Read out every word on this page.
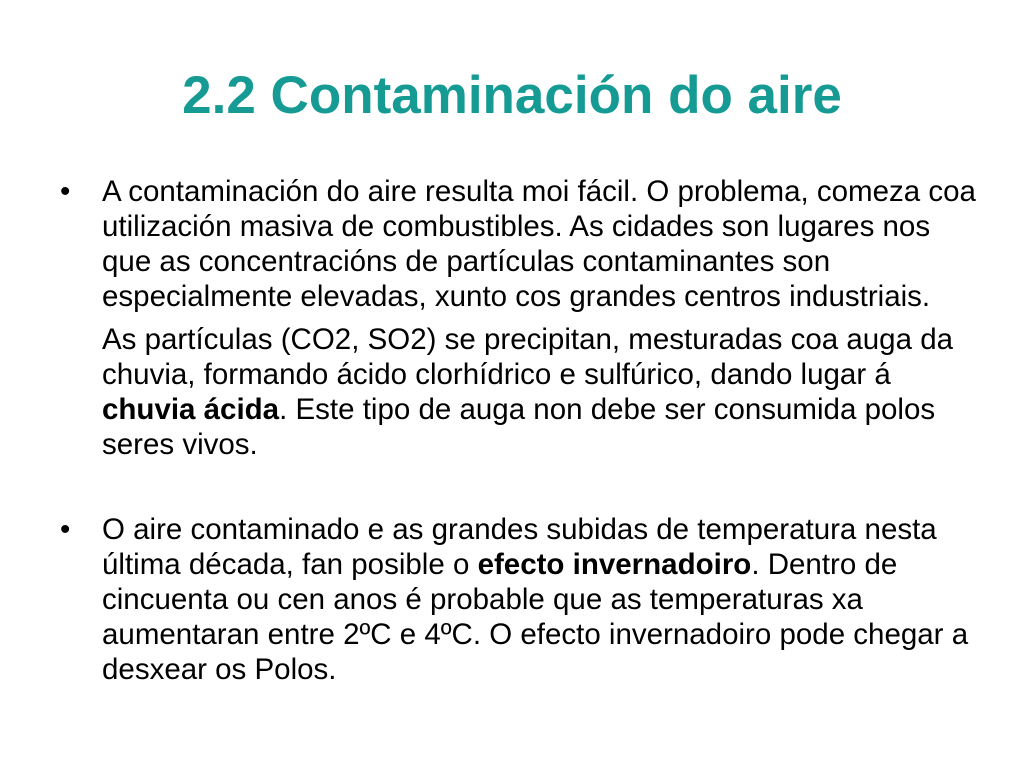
2.2 Contaminación do aire
•	A contaminación do aire resulta moi fácil. O problema, comeza coa utilización masiva de combustibles. As cidades son lugares nos que as concentracións de partículas contaminantes son especialmente elevadas, xunto cos grandes centros industriais.

As partículas (CO2, SO2) se precipitan, mesturadas coa auga da chuvia, formando ácido clorhídrico e sulfúrico, dando lugar á chuvia ácida. Este tipo de auga non debe ser consumida polos seres vivos.

•	O aire contaminado e as grandes subidas de temperatura nesta última década, fan posible o efecto invernadoiro. Dentro de cincuenta ou cen anos é probable que as temperaturas xa aumentaran entre 2ºC e 4ºC. O efecto invernadoiro pode chegar a desxear os Polos.
